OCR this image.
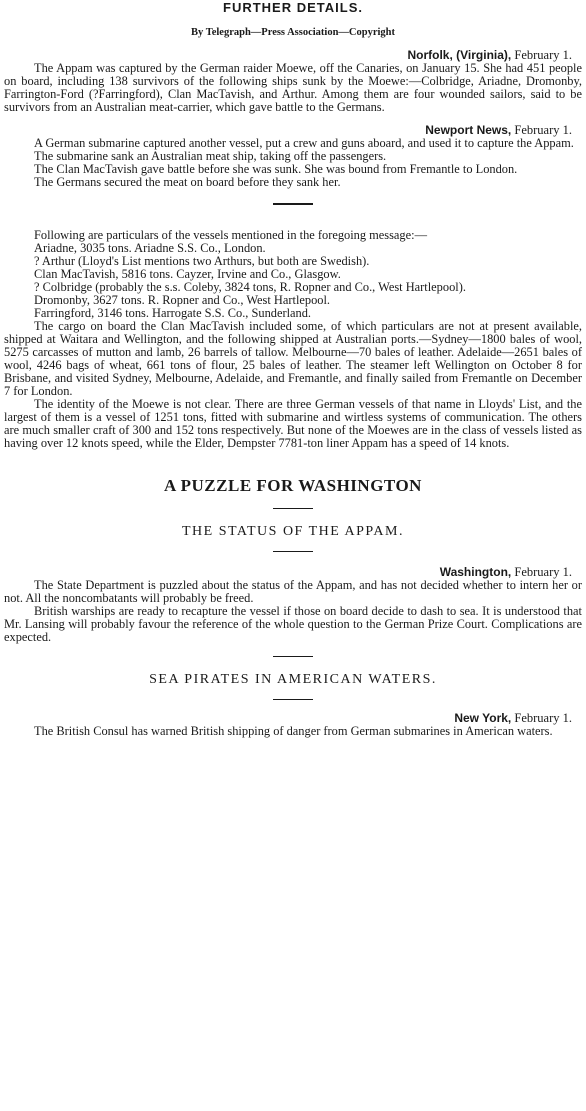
FURTHER DETAILS.
By Telegraph—Press Association—Copyright
Norfolk, (Virginia), February 1.

The Appam was captured by the German raider Moewe, off the Canaries, on January 15. She had 451 people on board, including 138 survivors of the following ships sunk by the Moewe:—Colbridge, Ariadne, Dromonby, Farrington-Ford (?Farringford), Clan MacTavish, and Arthur. Among them are four wounded sailors, said to be survivors from an Australian meat-carrier, which gave battle to the Germans.

Newport News, February 1.

A German submarine captured another vessel, put a crew and guns aboard, and used it to capture the Appam.

The submarine sank an Australian meat ship, taking off the passengers.

The Clan MacTavish gave battle before she was sunk. She was bound from Fremantle to London.

The Germans secured the meat on board before they sank her.

Following are particulars of the vessels mentioned in the foregoing message:—

Ariadne, 3035 tons. Ariadne S.S. Co., London.
? Arthur (Lloyd's List mentions two Arthurs, but both are Swedish).
Clan MacTavish, 5816 tons. Cayzer, Irvine and Co., Glasgow.
? Colbridge (probably the s.s. Coleby, 3824 tons, R. Ropner and Co., West Hartlepool).
Dromonby, 3627 tons. R. Ropner and Co., West Hartlepool.
Farringford, 3146 tons. Harrogate S.S. Co., Sunderland.

The cargo on board the Clan MacTavish included some, of which particulars are not at present available, shipped at Waitara and Wellington, and the following shipped at Australian ports.—Sydney—1800 bales of wool, 5275 carcasses of mutton and lamb, 26 barrels of tallow. Melbourne—70 bales of leather. Adelaide—2651 bales of wool, 4246 bags of wheat, 661 tons of flour, 25 bales of leather. The steamer left Wellington on October 8 for Brisbane, and visited Sydney, Melbourne, Adelaide, and Fremantle, and finally sailed from Fremantle on December 7 for London.

The identity of the Moewe is not clear. There are three German vessels of that name in Lloyds' List, and the largest of them is a vessel of 1251 tons, fitted with submarine and wirtless systems of communication. The others are much smaller craft of 300 and 152 tons respectively. But none of the Moewes are in the class of vessels listed as having over 12 knots speed, while the Elder, Dempster 7781-ton liner Appam has a speed of 14 knots.

A PUZZLE FOR WASHINGTON
THE STATUS OF THE APPAM.
Washington, February 1.

The State Department is puzzled about the status of the Appam, and has not decided whether to intern her or not. All the noncombatants will probably be freed.

British warships are ready to recapture the vessel if those on board decide to dash to sea. It is understood that Mr. Lansing will probably favour the reference of the whole question to the German Prize Court. Complications are expected.

SEA PIRATES IN AMERICAN WATERS.
New York, February 1.

The British Consul has warned British shipping of danger from German submarines in American waters.
